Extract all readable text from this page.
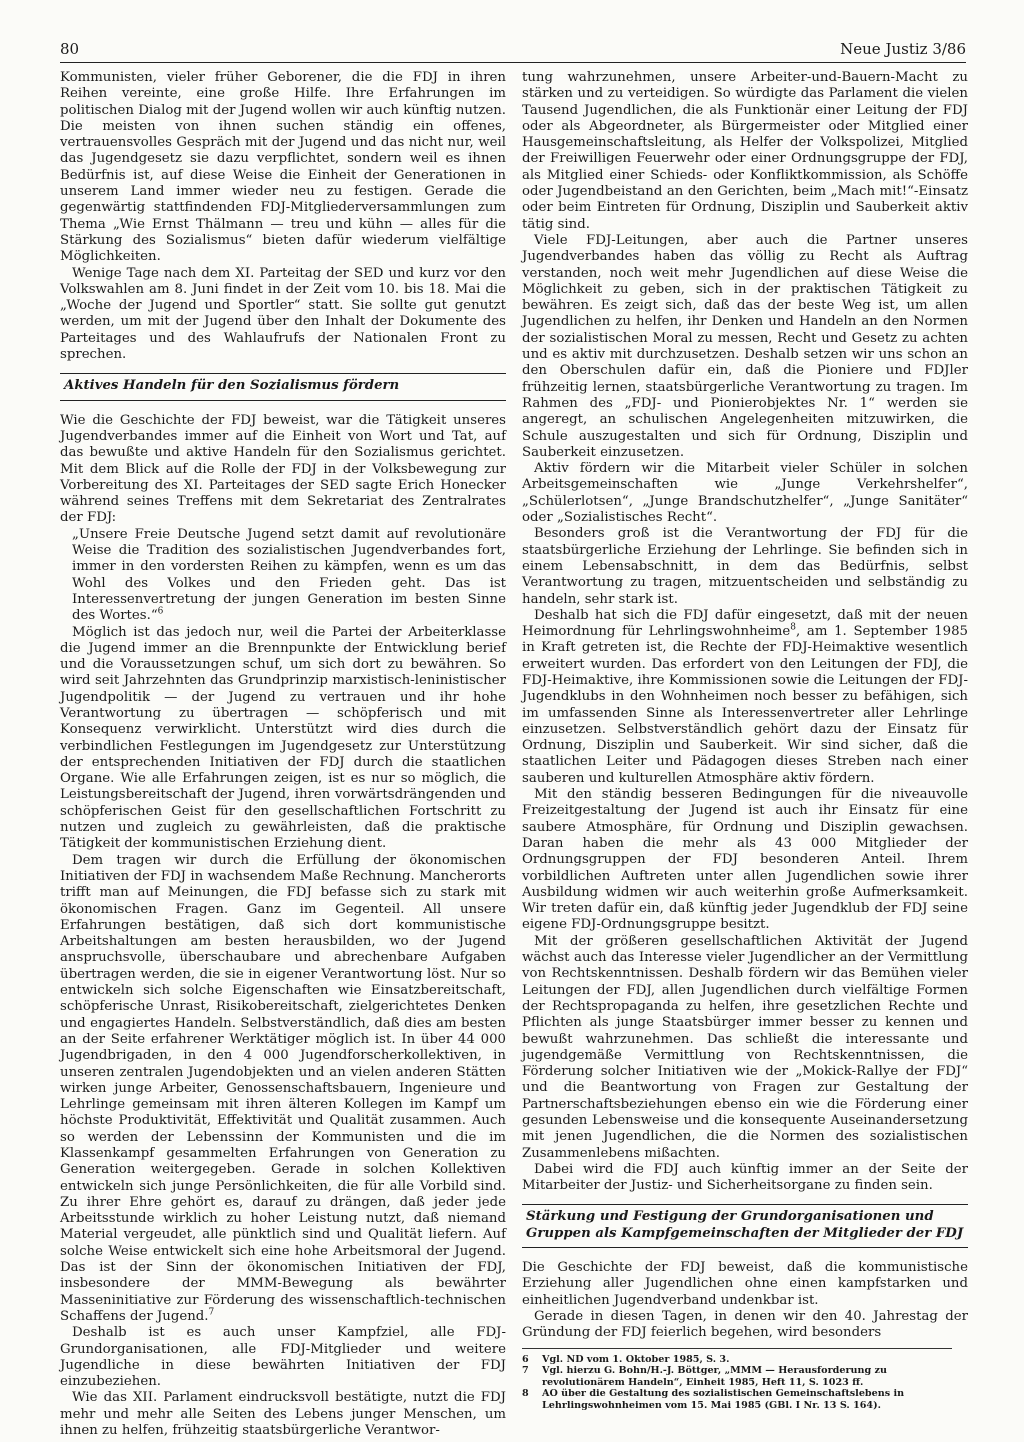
80	Neue Justiz 3/86

Kommunisten, vieler früher Geborener, die die FDJ in ihren Reihen vereinte, eine große Hilfe. Ihre Erfahrungen im politischen Dialog mit der Jugend wollen wir auch künftig nutzen. Die meisten von ihnen suchen ständig ein offenes, vertrauensvolles Gespräch mit der Jugend und das nicht nur, weil das Jugendgesetz sie dazu verpflichtet, sondern weil es ihnen Bedürfnis ist, auf diese Weise die Einheit der Generationen in unserem Land immer wieder neu zu festigen. Gerade die gegenwärtig stattfindenden FDJ-Mitgliederversammlungen zum Thema „Wie Ernst Thälmann — treu und kühn — alles für die Stärkung des Sozialismus“ bieten dafür wiederum vielfältige Möglichkeiten.

Wenige Tage nach dem XI. Parteitag der SED und kurz vor den Volkswahlen am 8. Juni findet in der Zeit vom 10. bis 18. Mai die „Woche der Jugend und Sportler“ statt. Sie sollte gut genutzt werden, um mit der Jugend über den Inhalt der Dokumente des Parteitages und des Wahlaufrufs der Nationalen Front zu sprechen.

Aktives Handeln für den Sozialismus fördern

Wie die Geschichte der FDJ beweist, war die Tätigkeit unseres Jugendverbandes immer auf die Einheit von Wort und Tat, auf das bewußte und aktive Handeln für den Sozialismus gerichtet. Mit dem Blick auf die Rolle der FDJ in der Volksbewegung zur Vorbereitung des XI. Parteitages der SED sagte Erich Honecker während seines Treffens mit dem Sekretariat des Zentralrates der FDJ:

„Unsere Freie Deutsche Jugend setzt damit auf revolutionäre Weise die Tradition des sozialistischen Jugendverbandes fort, immer in den vordersten Reihen zu kämpfen, wenn es um das Wohl des Volkes und den Frieden geht. Das ist Interessenvertretung der jungen Generation im besten Sinne des Wortes.“$^6$

Möglich ist das jedoch nur, weil die Partei der Arbeiterklasse die Jugend immer an die Brennpunkte der Entwicklung berief und die Voraussetzungen schuf, um sich dort zu bewähren. So wird seit Jahrzehnten das Grundprinzip marxistisch-leninistischer Jugendpolitik — der Jugend zu vertrauen und ihr hohe Verantwortung zu übertragen — schöpferisch und mit Konsequenz verwirklicht. Unterstützt wird dies durch die verbindlichen Festlegungen im Jugendgesetz zur Unterstützung der entsprechenden Initiativen der FDJ durch die staatlichen Organe. Wie alle Erfahrungen zeigen, ist es nur so möglich, die Leistungsbereitschaft der Jugend, ihren vorwärtsdrängenden und schöpferischen Geist für den gesellschaftlichen Fortschritt zu nutzen und zugleich zu gewährleisten, daß die praktische Tätigkeit der kommunistischen Erziehung dient.

Dem tragen wir durch die Erfüllung der ökonomischen Initiativen der FDJ in wachsendem Maße Rechnung. Mancherorts trifft man auf Meinungen, die FDJ befasse sich zu stark mit ökonomischen Fragen. Ganz im Gegenteil. All unsere Erfahrungen bestätigen, daß sich dort kommunistische Arbeitshaltungen am besten herausbilden, wo der Jugend anspruchsvolle, überschaubare und abrechenbare Aufgaben übertragen werden, die sie in eigener Verantwortung löst. Nur so entwickeln sich solche Eigenschaften wie Einsatzbereitschaft, schöpferische Unrast, Risikobereitschaft, zielgerichtetes Denken und engagiertes Handeln. Selbstverständlich, daß dies am besten an der Seite erfahrener Werktätiger möglich ist. In über 44 000 Jugendbrigaden, in den 4 000 Jugendforscherkollektiven, in unseren zentralen Jugendobjekten und an vielen anderen Stätten wirken junge Arbeiter, Genossenschaftsbauern, Ingenieure und Lehrlinge gemeinsam mit ihren älteren Kollegen im Kampf um höchste Produktivität, Effektivität und Qualität zusammen. Auch so werden der Lebenssinn der Kommunisten und die im Klassenkampf gesammelten Erfahrungen von Generation zu Generation weitergegeben. Gerade in solchen Kollektiven entwickeln sich junge Persönlichkeiten, die für alle Vorbild sind. Zu ihrer Ehre gehört es, darauf zu drängen, daß jeder jede Arbeitsstunde wirklich zu hoher Leistung nutzt, daß niemand Material vergeudet, alle pünktlich sind und Qualität liefern. Auf solche Weise entwickelt sich eine hohe Arbeitsmoral der Jugend. Das ist der Sinn der ökonomischen Initiativen der FDJ, insbesondere der MMM-Bewegung als bewährter Masseninitiative zur Förderung des wissenschaftlich-technischen Schaffens der Jugend.$^7$

Deshalb ist es auch unser Kampfziel, alle FDJ-Grundorganisationen, alle FDJ-Mitglieder und weitere Jugendliche in diese bewährten Initiativen der FDJ einzubeziehen.

Wie das XII. Parlament eindrucksvoll bestätigte, nutzt die FDJ mehr und mehr alle Seiten des Lebens junger Menschen, um ihnen zu helfen, frühzeitig staatsbürgerliche Verantwor-

tung wahrzunehmen, unsere Arbeiter-und-Bauern-Macht zu stärken und zu verteidigen. So würdigte das Parlament die vielen Tausend Jugendlichen, die als Funktionär einer Leitung der FDJ oder als Abgeordneter, als Bürgermeister oder Mitglied einer Hausgemeinschaftsleitung, als Helfer der Volkspolizei, Mitglied der Freiwilligen Feuerwehr oder einer Ordnungsgruppe der FDJ, als Mitglied einer Schieds- oder Konfliktkommission, als Schöffe oder Jugendbeistand an den Gerichten, beim „Mach mit!“-Einsatz oder beim Eintreten für Ordnung, Disziplin und Sauberkeit aktiv tätig sind.

Viele FDJ-Leitungen, aber auch die Partner unseres Jugendverbandes haben das völlig zu Recht als Auftrag verstanden, noch weit mehr Jugendlichen auf diese Weise die Möglichkeit zu geben, sich in der praktischen Tätigkeit zu bewähren. Es zeigt sich, daß das der beste Weg ist, um allen Jugendlichen zu helfen, ihr Denken und Handeln an den Normen der sozialistischen Moral zu messen, Recht und Gesetz zu achten und es aktiv mit durchzusetzen. Deshalb setzen wir uns schon an den Oberschulen dafür ein, daß die Pioniere und FDJler frühzeitig lernen, staatsbürgerliche Verantwortung zu tragen. Im Rahmen des „FDJ- und Pionierobjektes Nr. 1“ werden sie angeregt, an schulischen Angelegenheiten mitzuwirken, die Schule auszugestalten und sich für Ordnung, Disziplin und Sauberkeit einzusetzen.

Aktiv fördern wir die Mitarbeit vieler Schüler in solchen Arbeitsgemeinschaften wie „Junge Verkehrshelfer“, „Schülerlotsen“, „Junge Brandschutzhelfer“, „Junge Sanitäter“ oder „Sozialistisches Recht“.

Besonders groß ist die Verantwortung der FDJ für die staatsbürgerliche Erziehung der Lehrlinge. Sie befinden sich in einem Lebensabschnitt, in dem das Bedürfnis, selbst Verantwortung zu tragen, mitzuentscheiden und selbständig zu handeln, sehr stark ist.

Deshalb hat sich die FDJ dafür eingesetzt, daß mit der neuen Heimordnung für Lehrlingswohnheime$^8$, am 1. September 1985 in Kraft getreten ist, die Rechte der FDJ-Heimaktive wesentlich erweitert wurden. Das erfordert von den Leitungen der FDJ, die FDJ-Heimaktive, ihre Kommissionen sowie die Leitungen der FDJ-Jugendklubs in den Wohnheimen noch besser zu befähigen, sich im umfassenden Sinne als Interessenvertreter aller Lehrlinge einzusetzen. Selbstverständlich gehört dazu der Einsatz für Ordnung, Disziplin und Sauberkeit. Wir sind sicher, daß die staatlichen Leiter und Pädagogen dieses Streben nach einer sauberen und kulturellen Atmosphäre aktiv fördern.

Mit den ständig besseren Bedingungen für die niveauvolle Freizeitgestaltung der Jugend ist auch ihr Einsatz für eine saubere Atmosphäre, für Ordnung und Disziplin gewachsen. Daran haben die mehr als 43 000 Mitglieder der Ordnungsgruppen der FDJ besonderen Anteil. Ihrem vorbildlichen Auftreten unter allen Jugendlichen sowie ihrer Ausbildung widmen wir auch weiterhin große Aufmerksamkeit. Wir treten dafür ein, daß künftig jeder Jugendklub der FDJ seine eigene FDJ-Ordnungsgruppe besitzt.

Mit der größeren gesellschaftlichen Aktivität der Jugend wächst auch das Interesse vieler Jugendlicher an der Vermittlung von Rechtskenntnissen. Deshalb fördern wir das Bemühen vieler Leitungen der FDJ, allen Jugendlichen durch vielfältige Formen der Rechtspropaganda zu helfen, ihre gesetzlichen Rechte und Pflichten als junge Staatsbürger immer besser zu kennen und bewußt wahrzunehmen. Das schließt die interessante und jugendgemäße Vermittlung von Rechtskenntnissen, die Förderung solcher Initiativen wie der „Mokick-Rallye der FDJ“ und die Beantwortung von Fragen zur Gestaltung der Partnerschaftsbeziehungen ebenso ein wie die Förderung einer gesunden Lebensweise und die konsequente Auseinandersetzung mit jenen Jugendlichen, die die Normen des sozialistischen Zusammenlebens mißachten.

Dabei wird die FDJ auch künftig immer an der Seite der Mitarbeiter der Justiz- und Sicherheitsorgane zu finden sein.

Stärkung und Festigung der Grundorganisationen und Gruppen als Kampfgemeinschaften der Mitglieder der FDJ

Die Geschichte der FDJ beweist, daß die kommunistische Erziehung aller Jugendlichen ohne einen kampfstarken und einheitlichen Jugendverband undenkbar ist.

Gerade in diesen Tagen, in denen wir den 40. Jahrestag der Gründung der FDJ feierlich begehen, wird besonders

6	Vgl. ND vom 1. Oktober 1985, S. 3.
7	Vgl. hierzu G. Bohn/H.-J. Böttger, „MMM — Herausforderung zu revolutionärem Handeln“, Einheit 1985, Heft 11, S. 1023 ff.
8	AO über die Gestaltung des sozialistischen Gemeinschaftslebens in Lehrlingswohnheimen vom 15. Mai 1985 (GBl. I Nr. 13 S. 164).
